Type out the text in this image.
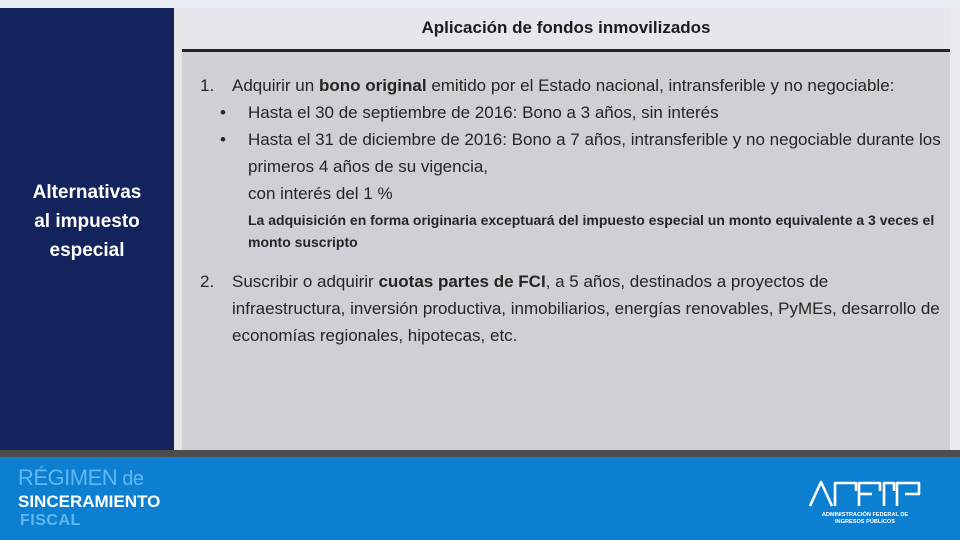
Alternativas
al impuesto
especial
Aplicación de fondos inmovilizados
1. Adquirir un bono original emitido por el Estado nacional, intransferible y no negociable:
• Hasta el 30 de septiembre de 2016: Bono a 3 años, sin interés
• Hasta el 31 de diciembre de 2016: Bono a 7 años, intransferible y no negociable durante los primeros 4 años de su vigencia,
con interés del 1 %
La adquisición en forma originaria exceptuará del impuesto especial un monto equivalente a 3 veces el monto suscripto
2. Suscribir o adquirir cuotas partes de FCI, a 5 años, destinados a proyectos de infraestructura, inversión productiva, inmobiliarios, energías renovables, PyMEs, desarrollo de economías regionales, hipotecas, etc.
RÉGIMEN de
SINCERAMIENTO
FISCAL	ADMINISTRACIÓN FEDERAL DE
INGRESOS PÚBLICOS
